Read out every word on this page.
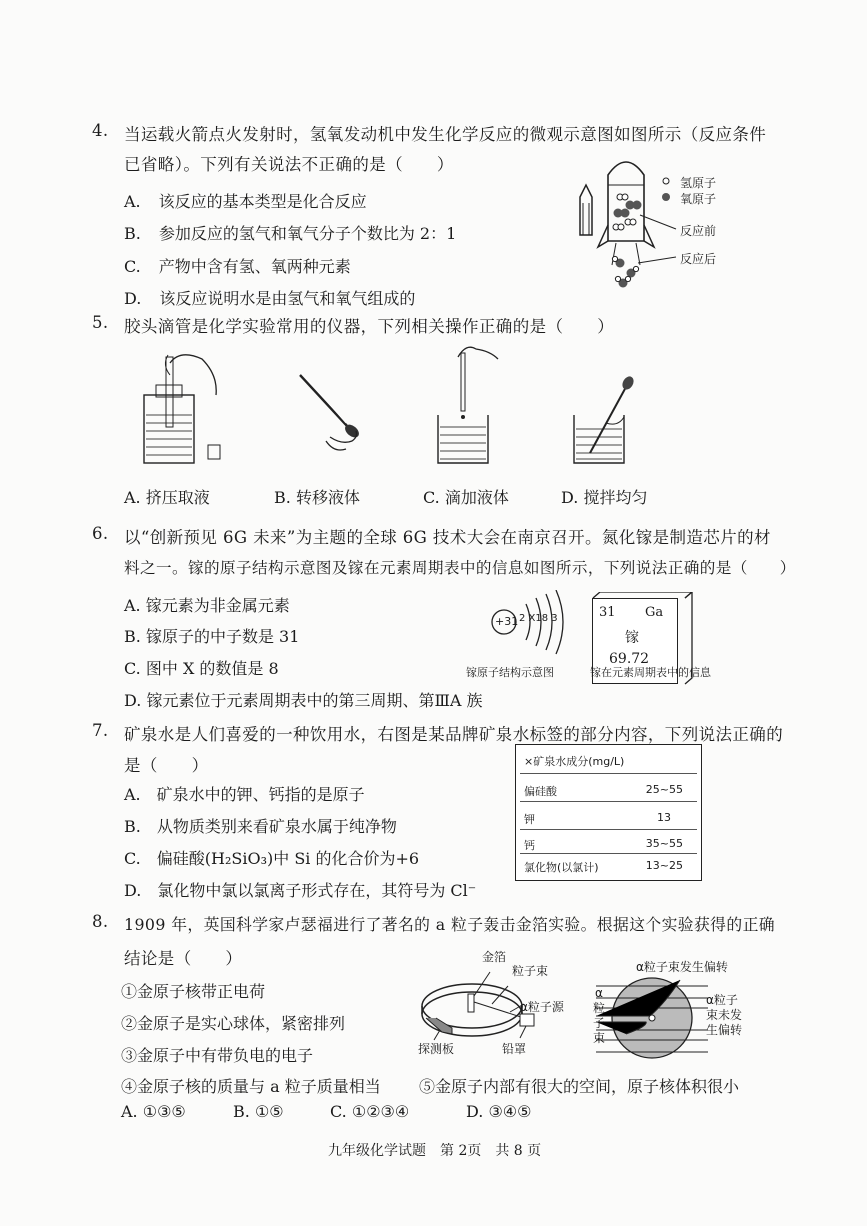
4. 当运载火箭点火发射时，氢氧发动机中发生化学反应的微观示意图如图所示（反应条件
已省略）。下列有关说法不正确的是（　　）
A. 该反应的基本类型是化合反应
B. 参加反应的氢气和氧气分子个数比为 2：1
C. 产物中含有氢、氧两种元素
D. 该反应说明水是由氢气和氧气组成的
氢原子
氧原子
反应前
反应后
5. 胶头滴管是化学实验常用的仪器，下列相关操作正确的是（　　）
A. 挤压取液	B. 转移液体	C. 滴加液体	D. 搅拌均匀
6. 以“创新预见 6G 未来”为主题的全球 6G 技术大会在南京召开。氮化镓是制造芯片的材
料之一。镓的原子结构示意图及镓在元素周期表中的信息如图所示，下列说法正确的是（　　）
A. 镓元素为非金属元素
B. 镓原子的中子数是 31
C. 图中 X 的数值是 8
D. 镓元素位于元素周期表中的第三周期、第ⅢA 族
+31 2 X18 3
镓原子结构示意图
31 Ga
镓
69.72
镓在元素周期表中的信息
7. 矿泉水是人们喜爱的一种饮用水，右图是某品牌矿泉水标签的部分内容，下列说法正确的
是（　　）
A. 矿泉水中的钾、钙指的是原子
B. 从物质类别来看矿泉水属于纯净物
C. 偏硅酸(H₂SiO₃)中 Si 的化合价为+6
D. 氯化物中氯以氯离子形式存在，其符号为 Cl⁻
×矿泉水成分(mg/L)
偏硅酸	25~55
钾	13
钙	35~55
氯化物(以氯计)	13~25
8. 1909 年，英国科学家卢瑟福进行了著名的 a 粒子轰击金箔实验。根据这个实验获得的正确
结论是（　　）
①金原子核带正电荷
②金原子是实心球体，紧密排列
③金原子中有带负电的电子
④金原子核的质量与 a 粒子质量相当 ⑤金原子内部有很大的空间，原子核体积很小
A. ①③⑤	B. ①⑤	C. ①②③④	D. ③④⑤
金箔
粒子束
α粒子源
探测板	铅罩
α粒子束发生偏转
α
粒
子
束
α粒子
束未发
生偏转
九年级化学试题　第 2页　共 8 页
